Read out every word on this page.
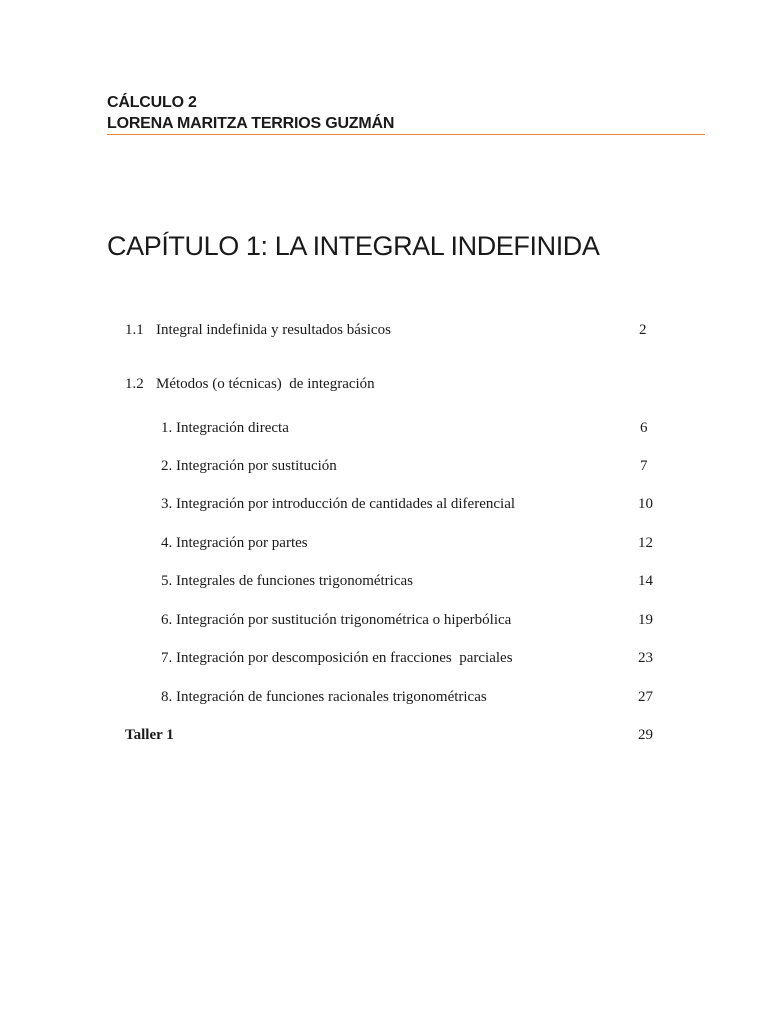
CÁLCULO 2
LORENA MARITZA TERRIOS GUZMÁN
CAPÍTULO 1: LA INTEGRAL INDEFINIDA
1.1 Integral indefinida y resultados básicos	2
1.2 Métodos (o técnicas)  de integración
1. Integración directa	6
2. Integración por sustitución	7
3. Integración por introducción de cantidades al diferencial	10
4. Integración por partes	12
5. Integrales de funciones trigonométricas	14
6. Integración por sustitución trigonométrica o hiperbólica	19
7. Integración por descomposición en fracciones  parciales	23
8. Integración de funciones racionales trigonométricas	27
Taller 1	29
